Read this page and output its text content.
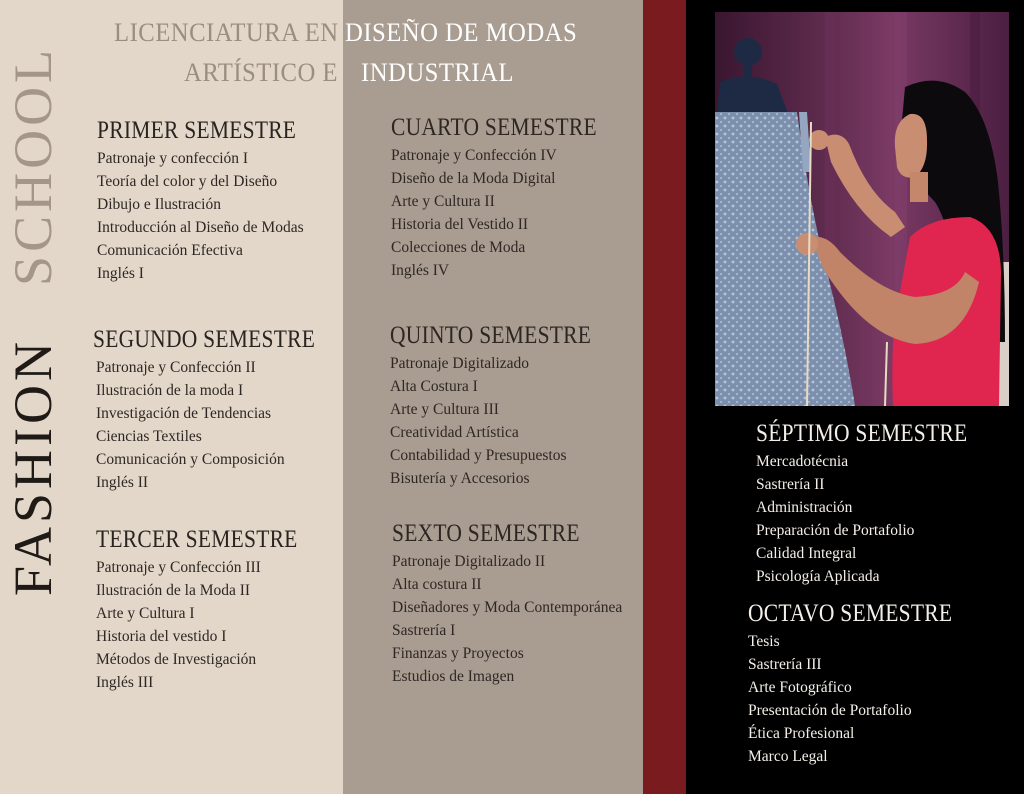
LICENCIATURA EN DISEÑO DE MODAS
ARTÍSTICO E INDUSTRIAL
FASHIONSCHOOL PRIMER SEMESTRE
Patronaje y confección I
Teoría del color y del Diseño
Dibujo e Ilustración
Introducción al Diseño de Modas
Comunicación Efectiva
Inglés I
SEGUNDO SEMESTRE
Patronaje y Confección II
Ilustración de la moda I
Investigación de Tendencias
Ciencias Textiles
Comunicación y Composición
Inglés II
TERCER SEMESTRE
Patronaje y Confección III
Ilustración de la Moda II
Arte y Cultura I
Historia del vestido I
Métodos de Investigación
Inglés III
CUARTO SEMESTRE
Patronaje y Confección IV
Diseño de la Moda Digital
Arte y Cultura II
Historia del Vestido II
Colecciones de Moda
Inglés IV
QUINTO SEMESTRE
Patronaje Digitalizado
Alta Costura I
Arte y Cultura III
Creatividad Artística
Contabilidad y Presupuestos
Bisutería y Accesorios
SEXTO SEMESTRE
Patronaje Digitalizado II
Alta costura II
Diseñadores y Moda Contemporánea
Sastrería I
Finanzas y Proyectos
Estudios de Imagen
SÉPTIMO SEMESTRE
Mercadotécnia
Sastrería II
Administración
Preparación de Portafolio
Calidad Integral
Psicología Aplicada
OCTAVO SEMESTRE
Tesis
Sastrería III
Arte Fotográfico
Presentación de Portafolio
Ética Profesional
Marco Legal
